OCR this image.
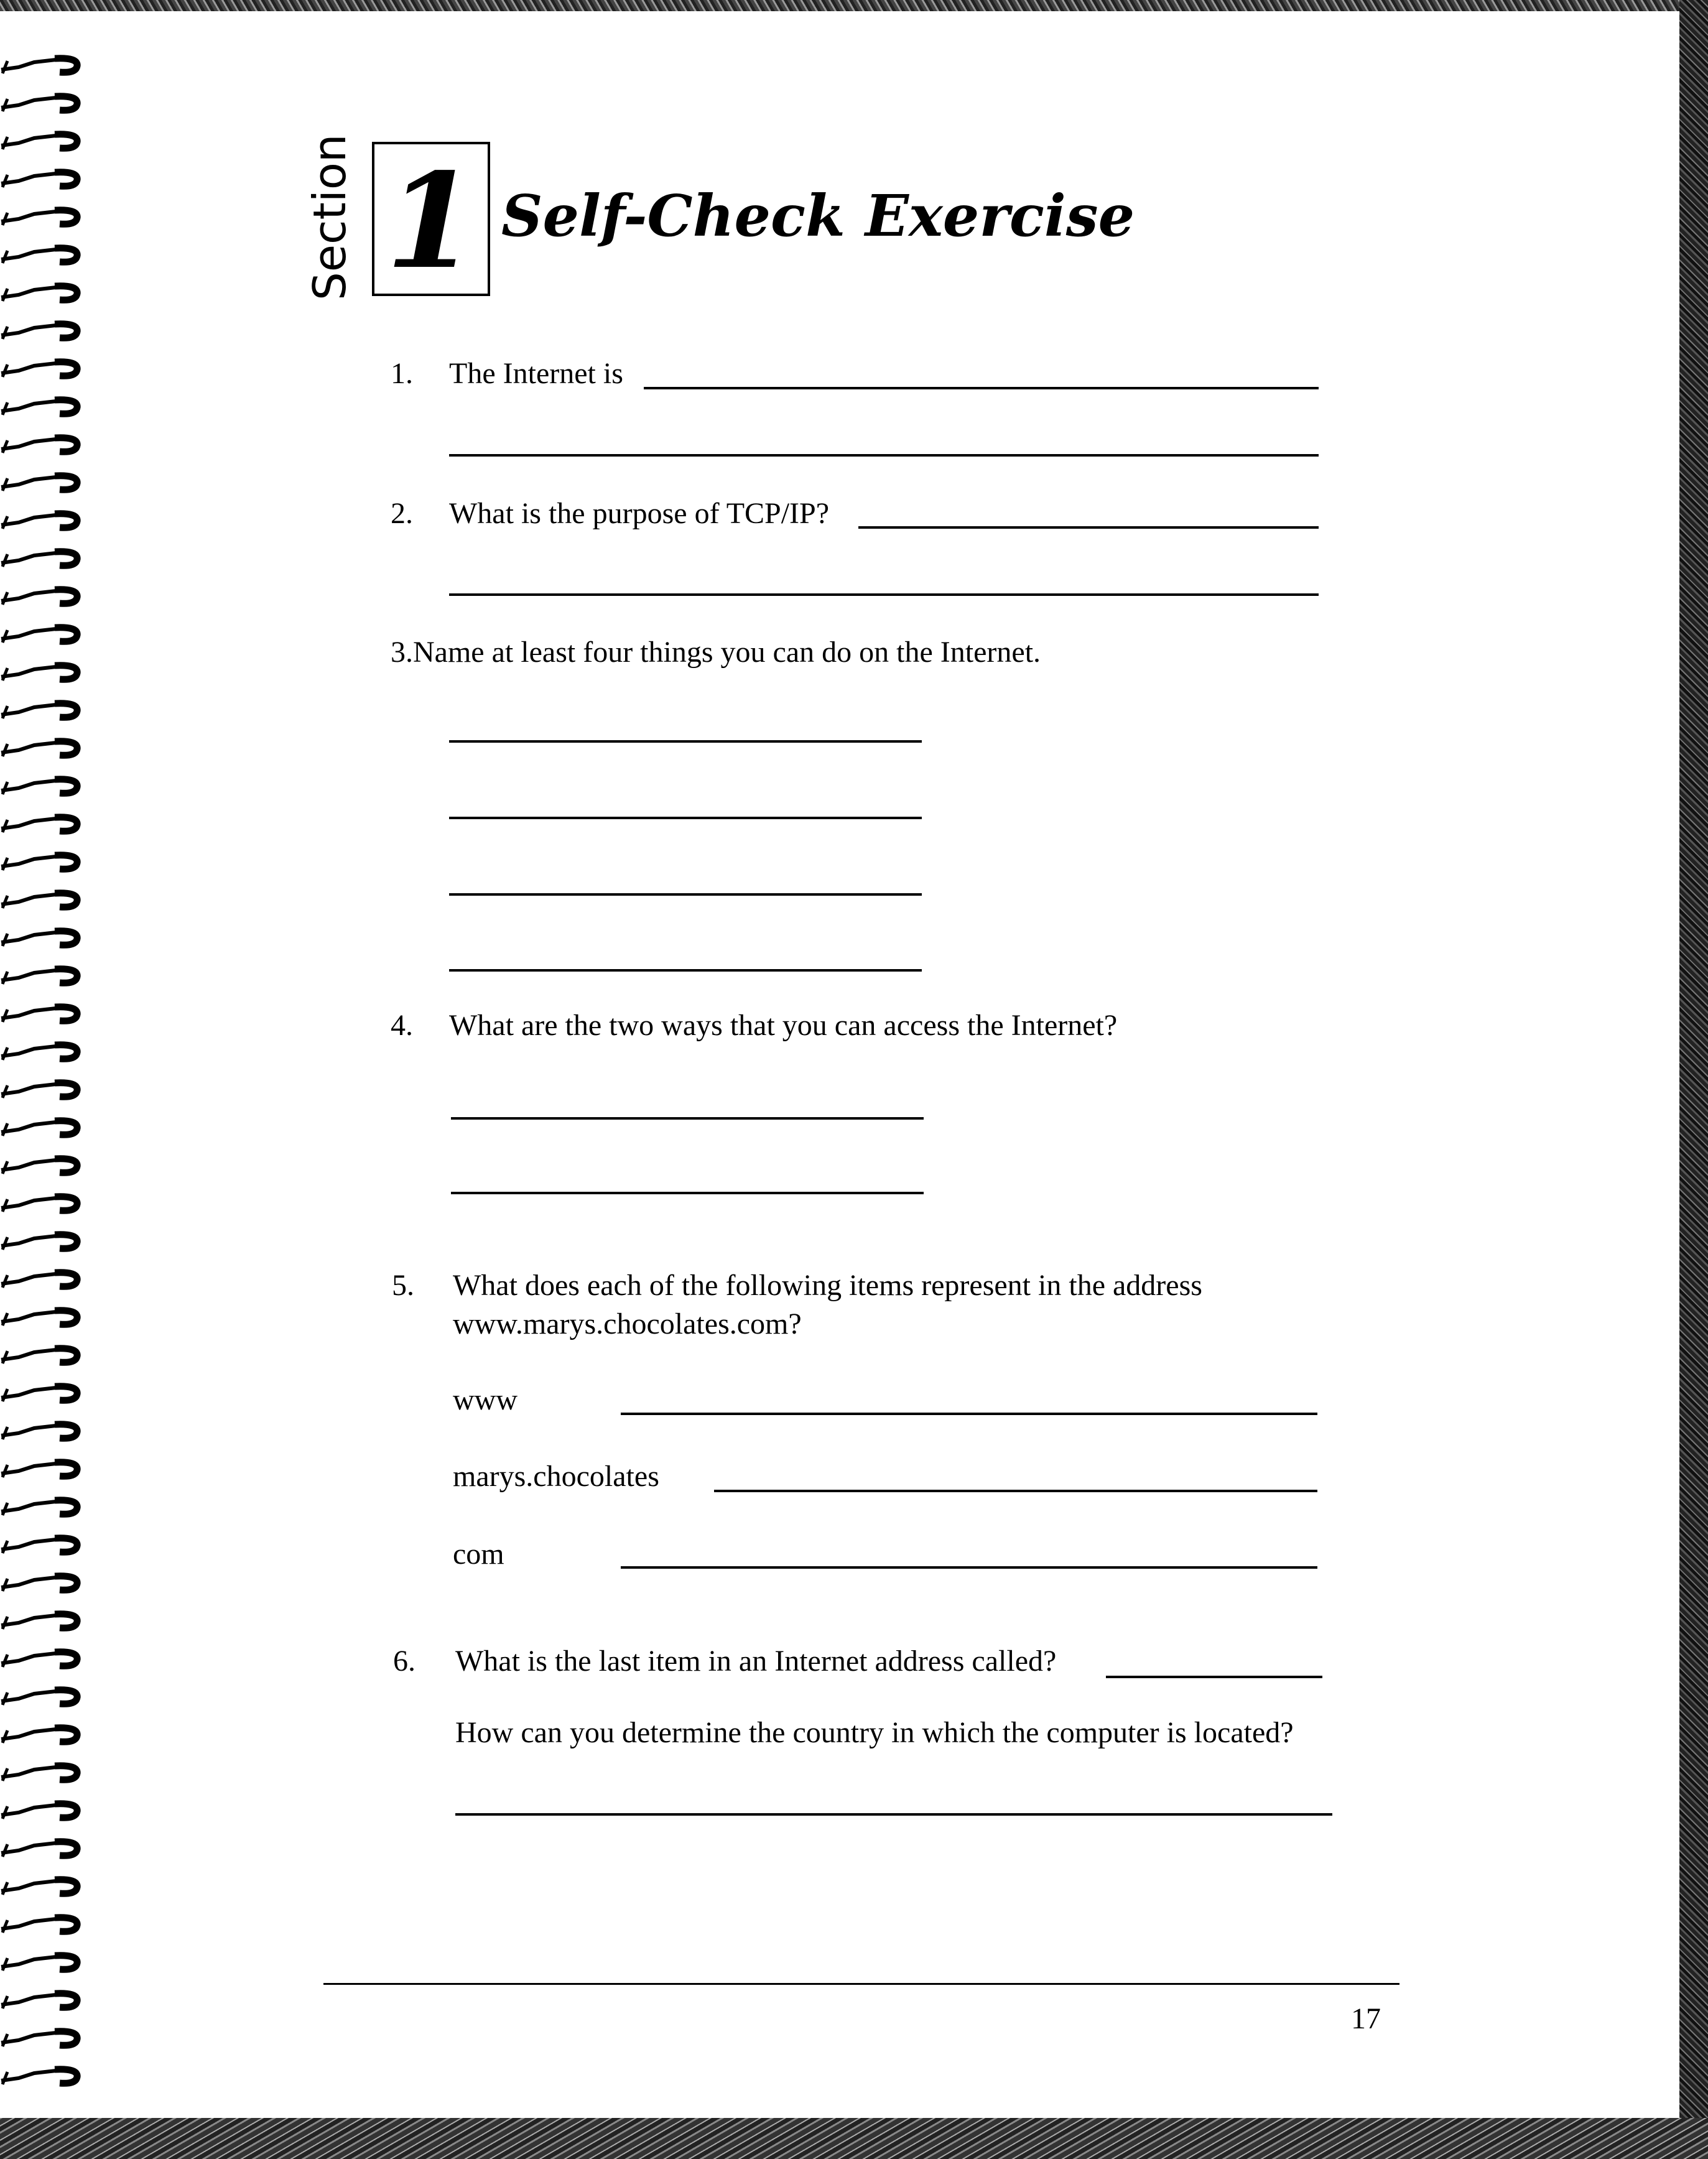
Section 1 Self-Check Exercise
1. The Internet is
2. What is the purpose of TCP/IP?
3.Name at least four things you can do on the Internet.
4. What are the two ways that you can access the Internet?
5. What does each of the following items represent in the address
www.marys.chocolates.com?
www
marys.chocolates
com
6. What is the last item in an Internet address called?
How can you determine the country in which the computer is located?
17
